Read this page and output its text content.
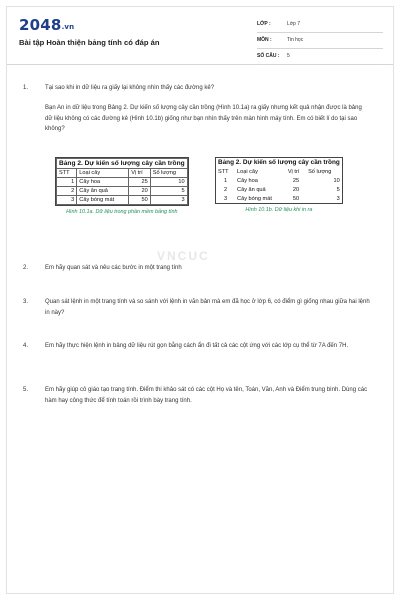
2048.vn
Bài tập Hoàn thiện bảng tính có đáp án
LỚP :	Lớp 7
MÔN :	Tin học
SỐ CÂU : 5
1.	Tại sao khi in dữ liệu ra giấy lại không nhìn thấy các đường kẻ?
Bạn An in dữ liệu trong Bảng 2. Dự kiến số lượng cây cần trồng (Hình 10.1a) ra giấy nhưng kết quả nhận được là bảng dữ liệu không có các đường kẻ (Hình 10.1b) giống như bạn nhìn thấy trên màn hình máy tính. Em có biết lí do tại sao không?
VNCUC
Bảng 2. Dự kiến số lượng cây cần trồng			
STT	Loại cây	Vị trí	Số lượng
1	Cây hoa	25	10
2	Cây ăn quả	20	5
3	Cây bóng mát	50	3
Hình 10.1a. Dữ liệu trong phần mềm bảng tính
Bảng 2. Dự kiến số lượng cây cần trồng			
STT	Loại cây	Vị trí	Số lượng
1	Cây hoa	25	10
2	Cây ăn quả	20	5
3	Cây bóng mát	50	3
Hình 10.1b. Dữ liệu khi in ra
2.	Em hãy quan sát và nêu các bước in một trang tính
3.	Quan sát lệnh in một trang tính và so sánh với lệnh in văn bản mà em đã học ở lớp 6, có điểm gì giống nhau giữa hai lệnh in này?
4.	Em hãy thực hiện lệnh in bảng dữ liệu rút gọn bằng cách ẩn đi tất cả các cột ứng với các lớp cụ thể từ 7A đến 7H.
5.	Em hãy giúp cô giáo tạo trang tính. Điểm thi khảo sát có các cột Họ và tên, Toán, Văn, Anh và Điểm trung bình. Dùng các hàm hay công thức để tính toán rồi trình bày trang tính.
